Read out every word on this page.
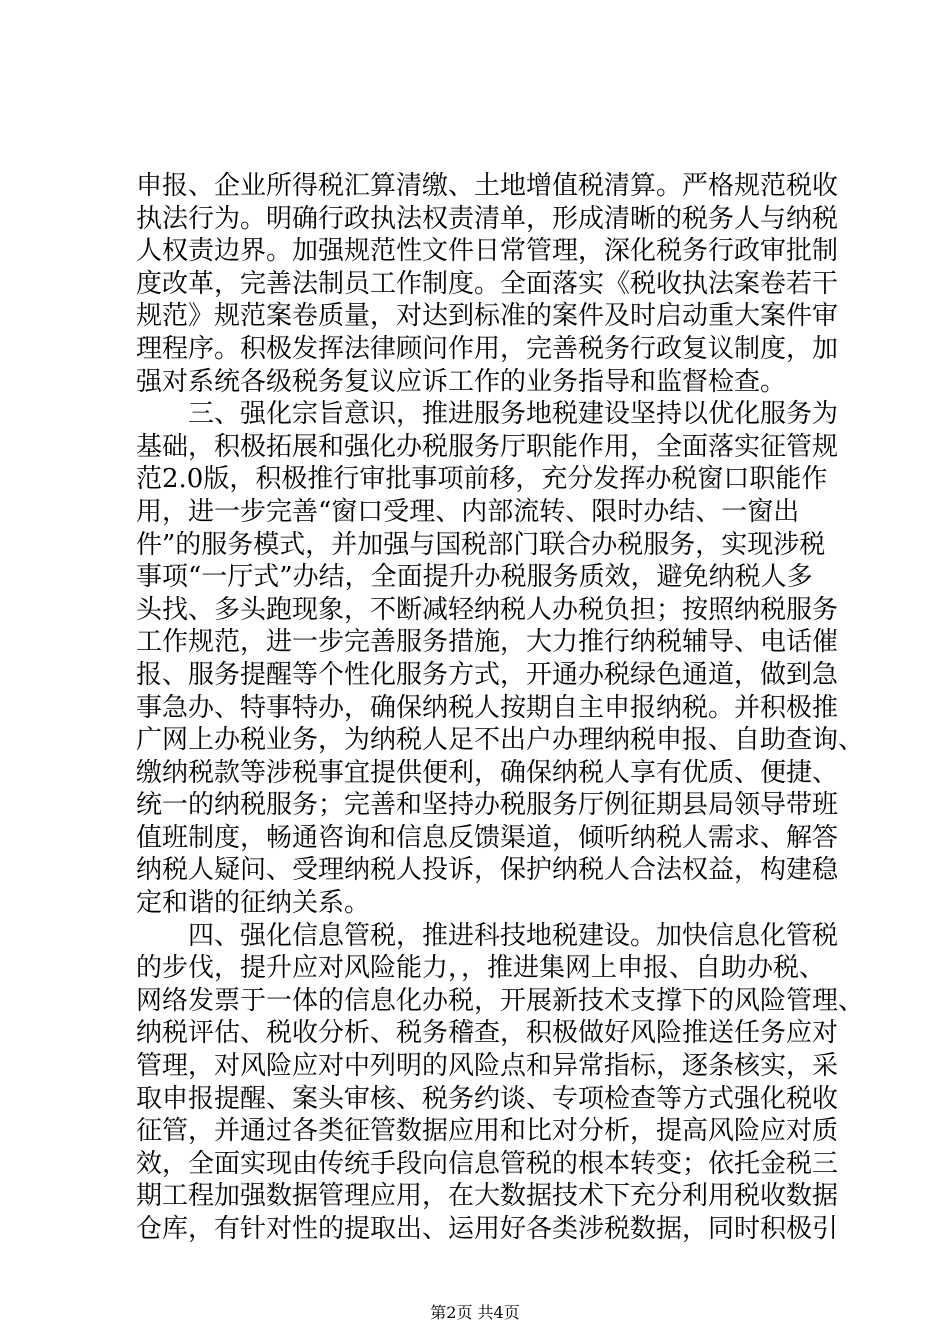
申报、企业所得税汇算清缴、土地增值税清算。严格规范税收
执法行为。明确行政执法权责清单，形成清晰的税务人与纳税
人权责边界。加强规范性文件日常管理，深化税务行政审批制
度改革，完善法制员工作制度。全面落实《税收执法案卷若干
规范》规范案卷质量，对达到标准的案件及时启动重大案件审
理程序。积极发挥法律顾问作用，完善税务行政复议制度，加
强对系统各级税务复议应诉工作的业务指导和监督检查。
　　三、强化宗旨意识，推进服务地税建设坚持以优化服务为
基础，积极拓展和强化办税服务厅职能作用，全面落实征管规
范2.0版，积极推行审批事项前移，充分发挥办税窗口职能作
用，进一步完善“窗口受理、内部流转、限时办结、一窗出
件”的服务模式，并加强与国税部门联合办税服务，实现涉税
事项“一厅式”办结，全面提升办税服务质效，避免纳税人多
头找、多头跑现象，不断减轻纳税人办税负担；按照纳税服务
工作规范，进一步完善服务措施，大力推行纳税辅导、电话催
报、服务提醒等个性化服务方式，开通办税绿色通道，做到急
事急办、特事特办，确保纳税人按期自主申报纳税。并积极推
广网上办税业务，为纳税人足不出户办理纳税申报、自助查询、
缴纳税款等涉税事宜提供便利，确保纳税人享有优质、便捷、
统一的纳税服务；完善和坚持办税服务厅例征期县局领导带班
值班制度，畅通咨询和信息反馈渠道，倾听纳税人需求、解答
纳税人疑问、受理纳税人投诉，保护纳税人合法权益，构建稳
定和谐的征纳关系。
　　四、强化信息管税，推进科技地税建设。加快信息化管税
的步伐，提升应对风险能力，，推进集网上申报、自助办税、
网络发票于一体的信息化办税，开展新技术支撑下的风险管理、
纳税评估、税收分析、税务稽查，积极做好风险推送任务应对
管理，对风险应对中列明的风险点和异常指标，逐条核实，采
取申报提醒、案头审核、税务约谈、专项检查等方式强化税收
征管，并通过各类征管数据应用和比对分析，提高风险应对质
效，全面实现由传统手段向信息管税的根本转变；依托金税三
期工程加强数据管理应用，在大数据技术下充分利用税收数据
仓库，有针对性的提取出、运用好各类涉税数据，同时积极引
第2页 共4页
